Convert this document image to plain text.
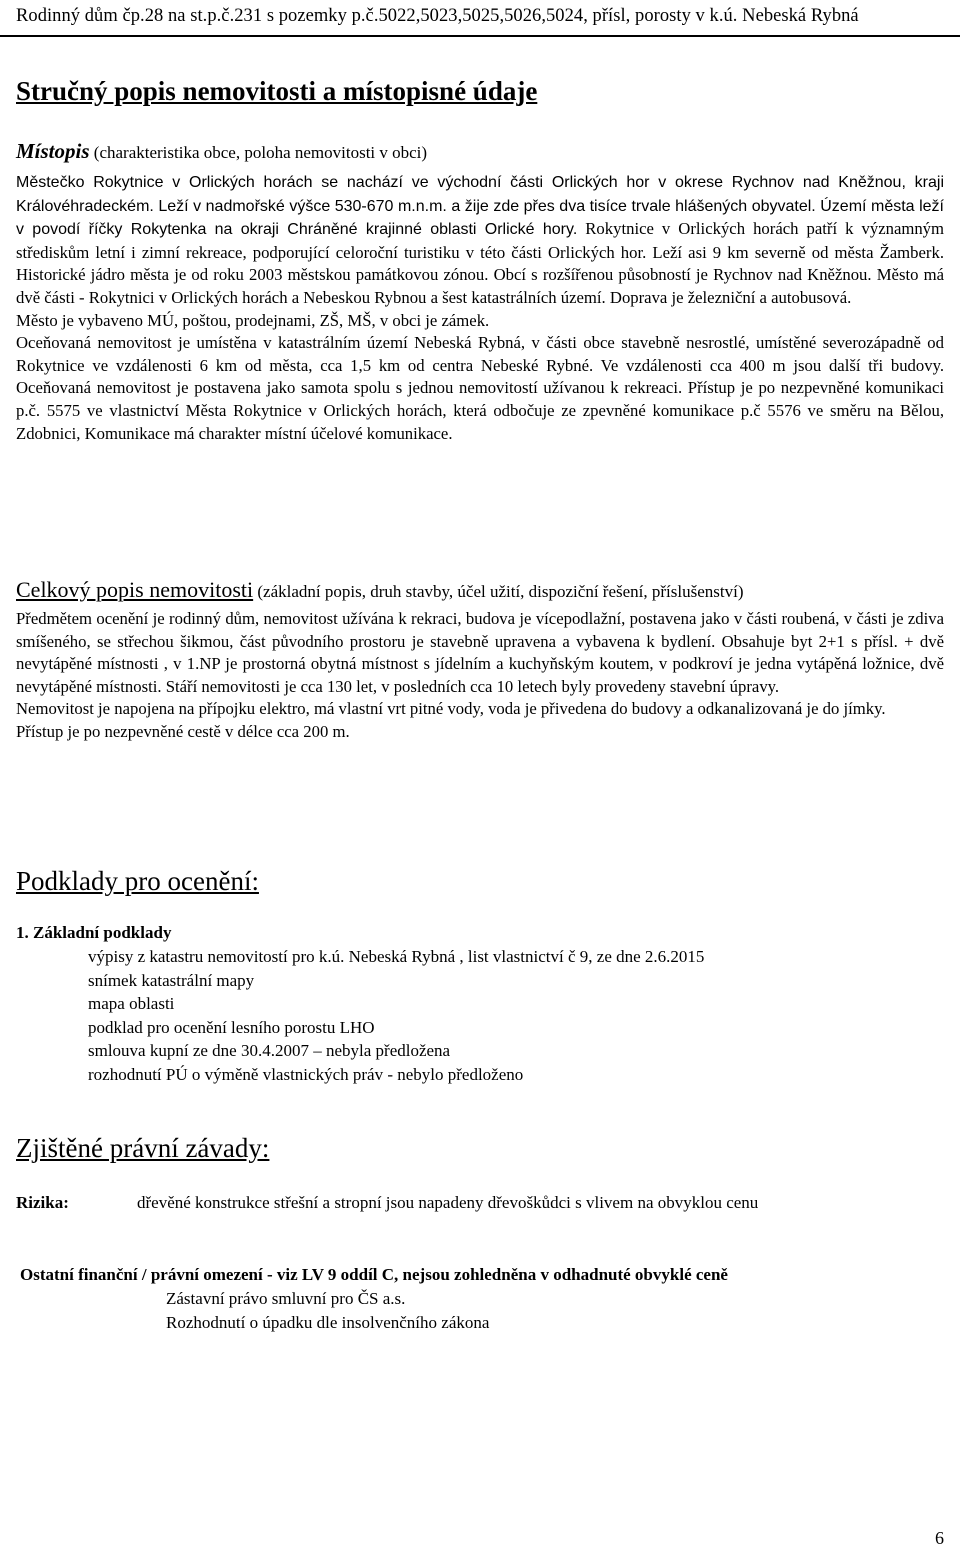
Rodinný dům čp.28 na st.p.č.231 s pozemky p.č.5022,5023,5025,5026,5024, přísl, porosty v k.ú. Nebeská Rybná
Stručný popis nemovitosti a místopisné údaje
Místopis (charakteristika obce, poloha nemovitosti v obci)

Městečko Rokytnice v Orlických horách se nachází ve východní části Orlických hor v okrese Rychnov nad Kněžnou, kraji Královéhradeckém. Leží v nadmořské výšce 530-670 m.n.m. a žije zde přes dva tisíce trvale hlášených obyvatel. Území města leží v povodí říčky Rokytenka na okraji Chráněné krajinné oblasti Orlické hory. Rokytnice v Orlických horách patří k významným střediskům letní i zimní rekreace, podporující celoroční turistiku v této části Orlických hor. Leží asi 9 km severně od města Žamberk. Historické jádro města je od roku 2003 městskou památkovou zónou. Obcí s rozšířenou působností je Rychnov nad Kněžnou. Město má dvě části - Rokytnici v Orlických horách a Nebeskou Rybnou a šest katastrálních území. Doprava je železniční a autobusová.

Město je vybaveno MÚ, poštou, prodejnami, ZŠ, MŠ, v obci je zámek.

Oceňovaná nemovitost je umístěna v katastrálním území Nebeská Rybná, v části obce stavebně nesrostlé, umístěné severozápadně od Rokytnice ve vzdálenosti 6 km od města, cca 1,5 km od centra Nebeské Rybné. Ve vzdálenosti cca 400 m jsou další tři budovy. Oceňovaná nemovitost je postavena jako samota spolu s jednou nemovitostí užívanou k rekreaci. Přístup je po nezpevněné komunikaci p.č. 5575 ve vlastnictví Města Rokytnice v Orlických horách, která odbočuje ze zpevněné komunikace p.č 5576 ve směru na Bělou, Zdobnici, Komunikace má charakter místní účelové komunikace.

Celkový popis nemovitosti (základní popis, druh stavby, účel užití, dispoziční řešení, příslušenství)

Předmětem ocenění je rodinný dům, nemovitost užívána k rekraci, budova je vícepodlažní, postavena jako v části roubená, v části je zdiva smíšeného, se střechou šikmou, část původního prostoru je stavebně upravena a vybavena k bydlení. Obsahuje byt 2+1 s přísl. + dvě nevytápěné místnosti , v 1.NP je prostorná obytná místnost s jídelním a kuchyňským koutem, v podkroví je jedna vytápěná ložnice, dvě nevytápěné místnosti. Stáří nemovitosti je cca 130 let, v posledních cca 10 letech byly provedeny stavební úpravy.

Nemovitost je napojena na přípojku elektro, má vlastní vrt pitné vody, voda je přivedena do budovy a odkanalizovaná je do jímky.

Přístup je po nezpevněné cestě v délce cca 200 m.

Podklady pro ocenění:
1. Základní podklady
výpisy z katastru nemovitostí pro k.ú. Nebeská Rybná , list vlastnictví č 9, ze dne 2.6.2015
snímek katastrální mapy
mapa oblasti
podklad pro ocenění lesního porostu LHO
smlouva kupní ze dne 30.4.2007 – nebyla předložena
rozhodnutí PÚ o výměně vlastnických práv - nebylo předloženo
Zjištěné právní závady:
Rizika:	dřevěné konstrukce střešní a stropní jsou napadeny dřevoškůdci s vlivem na obvyklou cenu
Ostatní finanční / právní omezení - viz LV 9 oddíl C, nejsou zohledněna v odhadnuté obvyklé ceně
Zástavní právo smluvní pro ČS a.s.
Rozhodnutí o úpadku dle insolvenčního zákona
6
